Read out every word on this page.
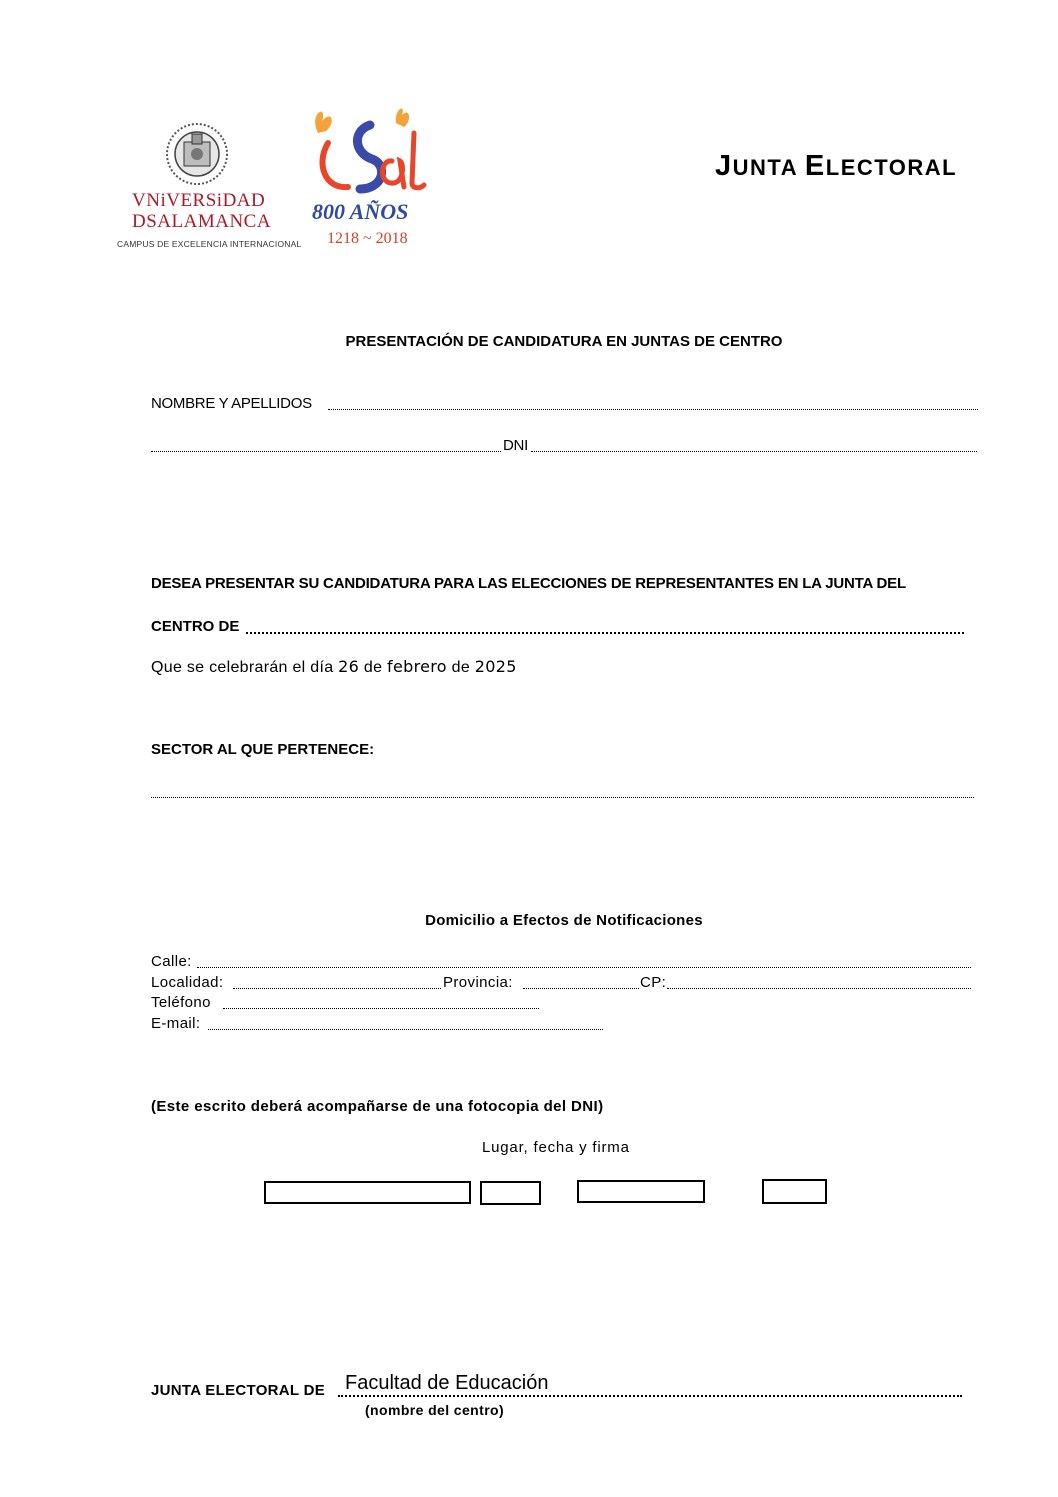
VNiVERSiDAD
DSALAMANCA
CAMPUS DE EXCELENCIA INTERNACIONAL
800 AÑOS
1218 ~ 2018
JUNTA ELECTORAL
PRESENTACIÓN DE CANDIDATURA EN JUNTAS DE CENTRO
NOMBRE Y APELLIDOS
DNI
DESEA PRESENTAR SU CANDIDATURA PARA LAS ELECCIONES DE REPRESENTANTES EN LA JUNTA DEL
CENTRO DE
Que se celebrarán el día 26 de febrero de 2025
SECTOR AL QUE PERTENECE:
Domicilio a Efectos de Notificaciones
Calle:
Localidad:	Provincia:	CP:
Teléfono
E-mail:
(Este escrito deberá acompañarse de una fotocopia del DNI)
Lugar, fecha y firma
JUNTA ELECTORAL DE Facultad de Educación
(nombre del centro)
